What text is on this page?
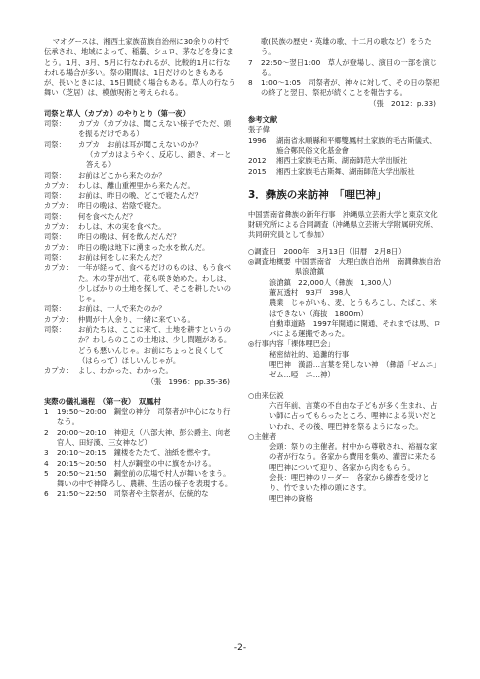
マオグースは、湘西土家族苗族自治州に30余りの村で伝承され、地域によって、稲藁、シュロ、茅などを身にまとう。1月、3月、5月に行なわれるが、比較的1月に行なわれる場合が多い。祭の期間は、1日だけのときもあるが、長いときには、15日間続く場合もある。草人の行なう舞い（芝居）は、模倣呪術と考えられる。

司祭と草人（カプカ）のやりとり（第一夜）

司祭：	カプカ（カプカは、聞こえない様子でただ、頭を振るだけである）
司祭：	カプカ　お前は耳が聞こえないのか？
（カプカはようやく、反応し、鎖き、オーと答える）
司祭：	お前はどこから来たのか？
カプカ： わしは、離山重裡里から来たんだ。
司祭：	お前は、昨日の晩、どこで寝たんだ？
カプカ： 昨日の晩は、岩陰で寝た。
司祭：	何を食べたんだ？
カプカ： わしは、木の実を食べた。
司祭：	昨日の晩は、何を飲んだんだ？
カプカ： 昨日の晩は地下に湧まった水を飲んだ。
司祭：	お前は何をしに来たんだ？
カプカ： 一年が経って、食べるだけのものは、もう食べた。木の芽が出て、花も咲き始めた。わしは、少しばかりの土地を探して、そこを耕したいのじゃ。
司祭：	お前は、一人で来たのか？
カプカ： 仲間が十人余り、一緒に来ている。
司祭：	お前たちは、ここに来て、土地を耕すというのか？わしらのここの土地は、少し問題がある。どうも悪いんじゃ。お前にちょっと良くして（はらって）ほしいんじゃが。
カプカ： よし、わかった、わかった。

（張　1996：pp.35-36)

実際の儀礼過程　（第一夜）　双鳳村

1	19:50～20:00　鋼堂の神分　司祭者が中心になり行なう。
2	20:00～20:10　神迎え（八部大神、彭公爵主、向老官人、田好漢、三女神など）
3	20:10～20:15　鐘楼をたたて、油紙を燃やす。
4	20:15～20:50　村人が鋼堂の中に旗をかける。
5	20:50～21:50　鋼堂前の広場で村人が舞いをまう。舞いの中で神降ろし、農耕、生活の様子を表現する。
6	21:50～22:50　司祭者や主祭者が、伝統的な
歌(民族の歴史・英雄の歌、十二月の歌など）をうたう。
7	22:50～翌日1:00　草人が登場し、演目の一部を演じる。
8	1:00～1:05　司祭者が、神々に対して、その日の祭祀の終了と翌日、祭祀が続くことを報告する。

（張　2012：p.33)

参考文献

張子偉

1996	湖南省永順縣和平郷雙鳳村土家族的毛古斯儀式、施合鄭民俗文化基金會
2012	湘西土家族毛古斯、湖南師范大学出版社
2015	湘西土家族毛古斯舞、湖南師范大学出版社

3．彝族の来訪神　「哩巴神」

中国雲南省彝族の新年行事　沖縄県立芸術大学と東京文化財研究所による合同調査（沖縄県立芸術大学附属研究所、共同研究員として参加）

○調査日　2000年　3月13日（旧暦　2月8日）

◎調査地概要 中国雲南省　大理白族自治州　南澗彝族自治県浪滄鎮

浪滄鎮　22,000人（彝族　1,300人）

董瓦透村　93戸　398人

農業　じゃがいも、麦、とうもろこし、たばこ、米はできない（海抜　1800m）

自動車道路　1997年開通に開通、それまでは馬、ロバによる運搬であった。

◎行事内容「裸体哩巴会」

秘密結社的、追灘的行事

哩巴神　漢語…言葉を発しない神　（彝語「ゼムニ」　ゼム…啞　ニ…神）

○由来伝説

六百年前、言葉の不自由な子どもが多く生まれ、占い師に占ってもらったところ、哩神による災いだといわれ、その後、哩巴神を祭るようになった。

○主催者

会頭：祭りの主催者。村中から尊敬され、裕福な家の者が行なう。各家から費用を集め、灌習に来たる哩巴神について迎り、各家から肉をもらう。

会長：哩巴神のリーダー　各家から線香を受けとり、竹でまいた棒の頭にさす。

哩巴神の資格

-2-
